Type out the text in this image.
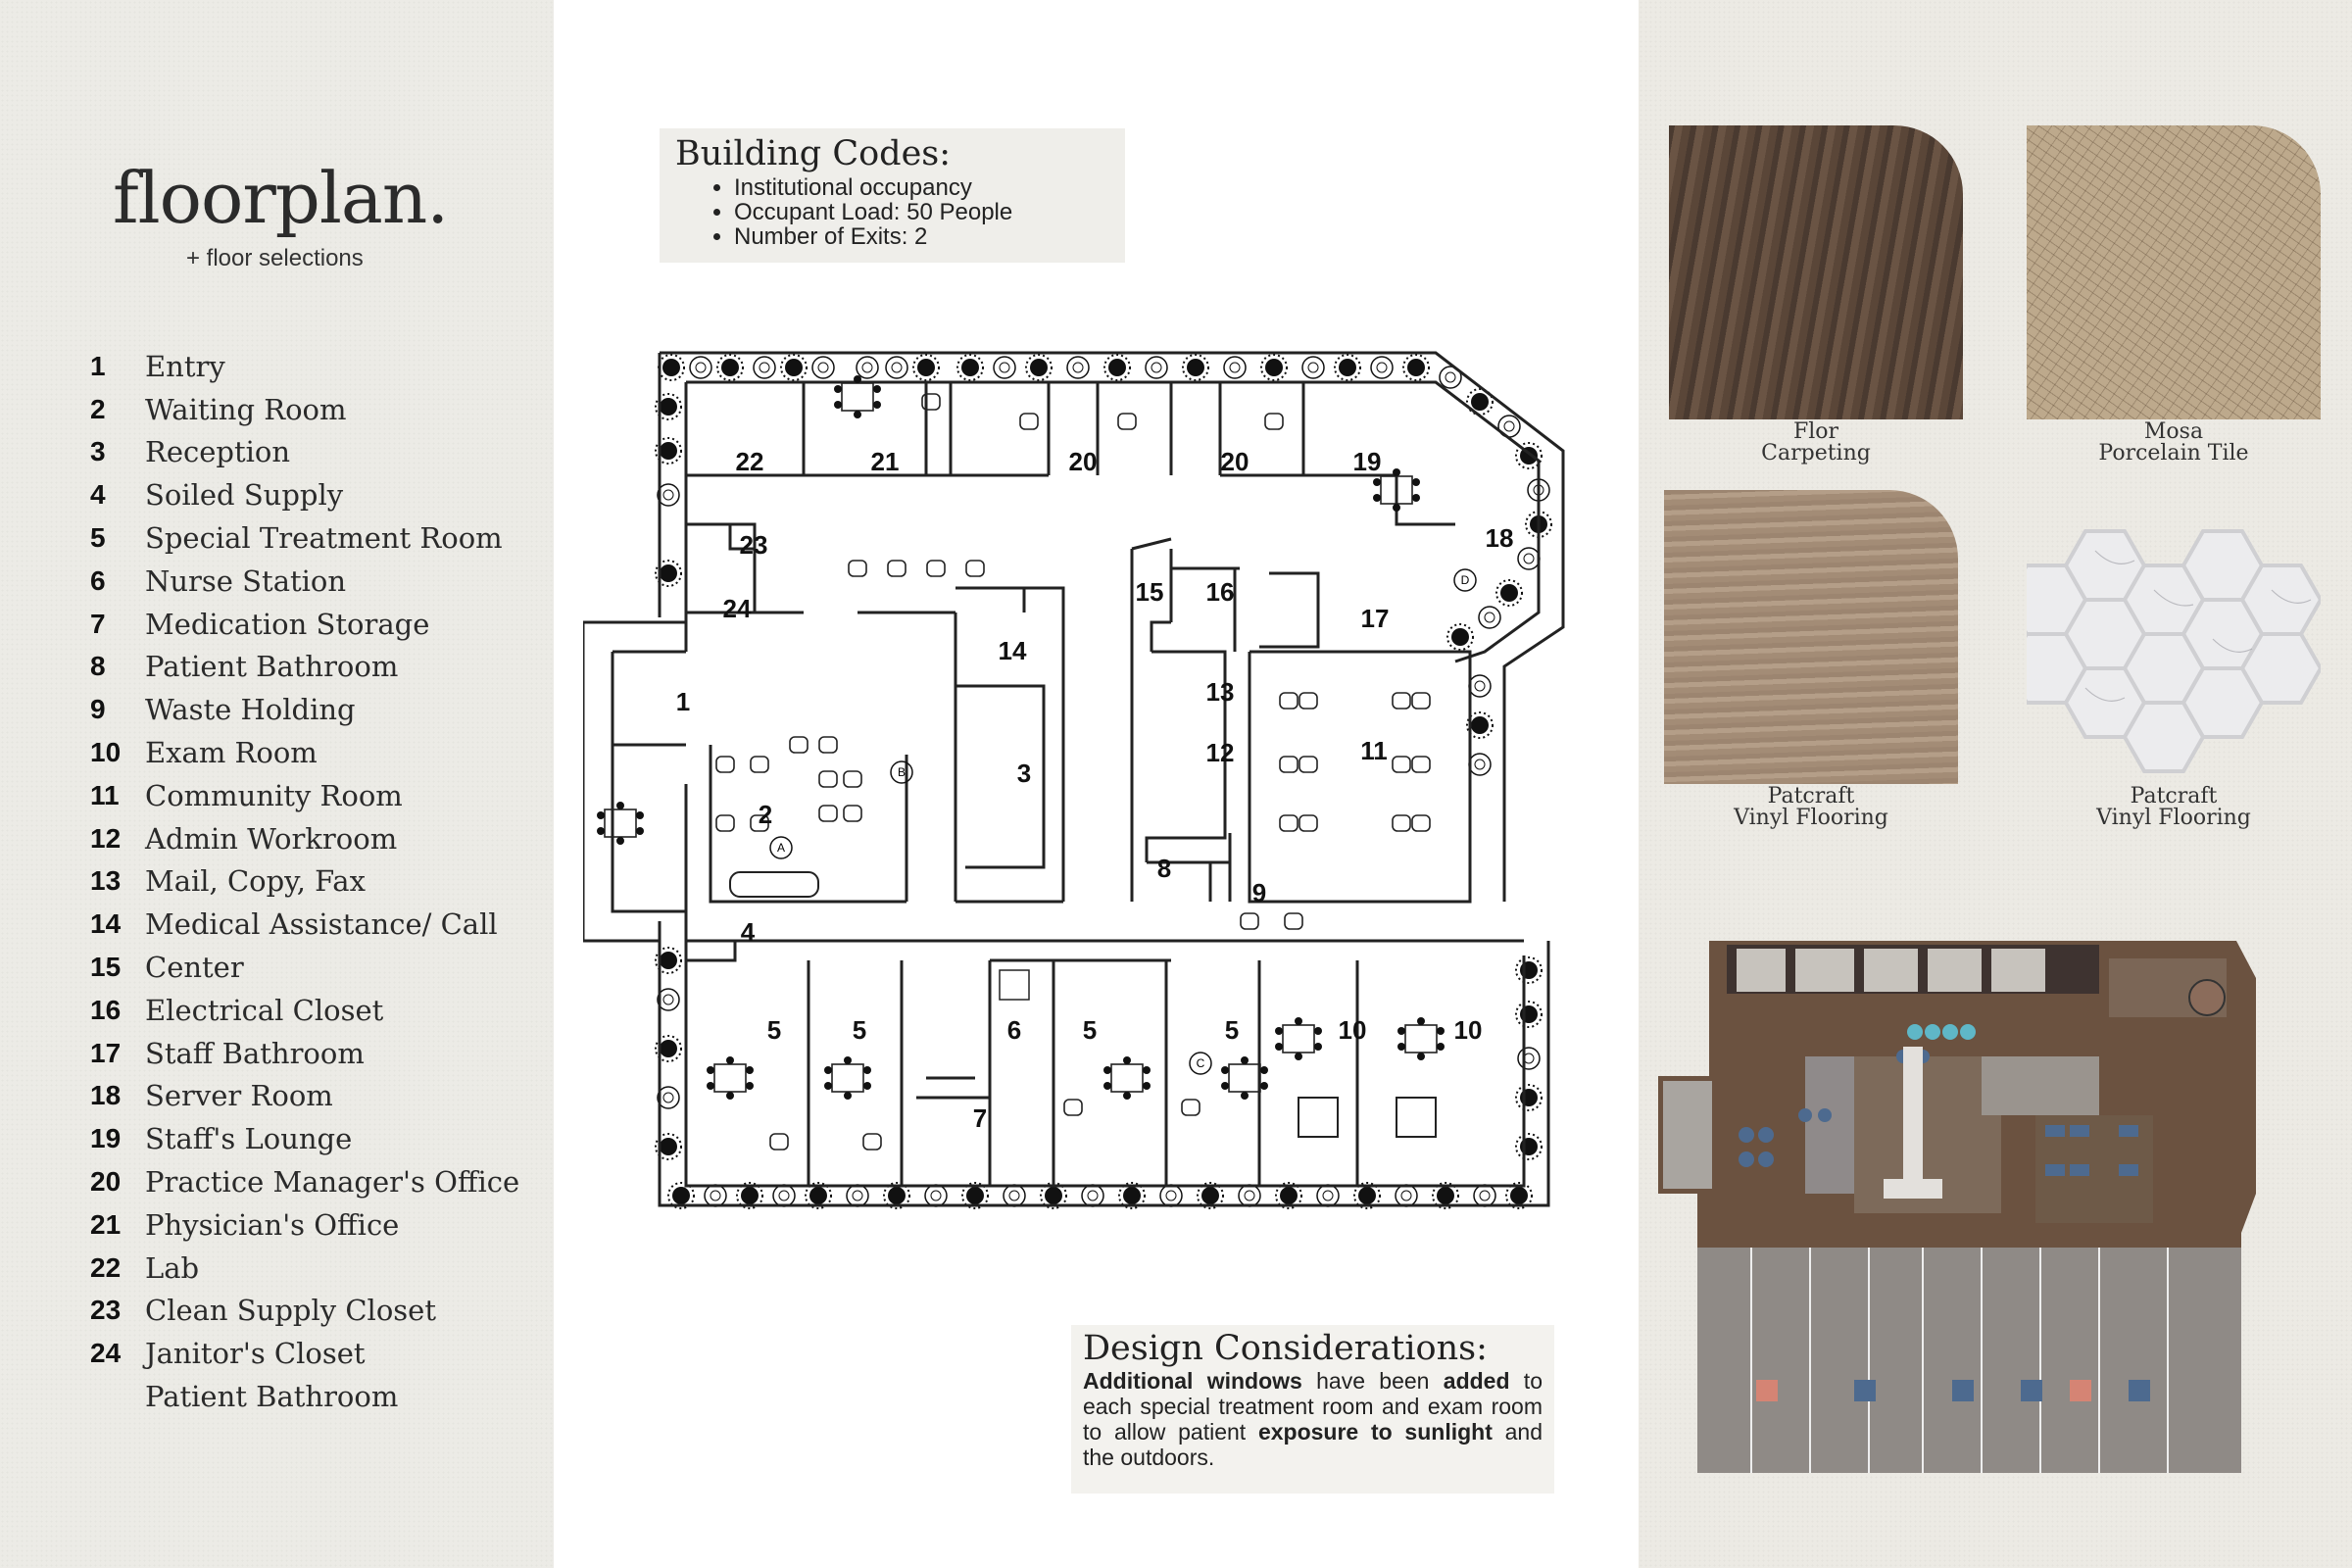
floorplan.
+ floor selections
1	Entry
2	Waiting Room
3	Reception
4	Soiled Supply
5	Special Treatment Room
6	Nurse Station
7	Medication Storage
8	Patient Bathroom
9	Waste Holding
10 Exam Room
11 Community Room
12 Admin Workroom
13 Mail, Copy, Fax
14 Medical Assistance/ Call
15 Center
16 Electrical Closet
17 Staff Bathroom
18 Server Room
19 Staff's Lounge
20 Practice Manager's Office
21 Physician's Office
22 Lab
23 Clean Supply Closet
24 Janitor's Closet
Patient Bathroom
Building Codes:
• Institutional occupancy
• Occupant Load: 50 People
• Number of Exits: 2
1
2
3
4
5	5	6 5	5
7
8
9
10	10
11
12
13
14
15 16
17
18
19
20	20
21
22
23
24
B
A
C
D
Design Considerations:

Additional windows have been added to each special treatment room and exam room to allow patient exposure to sunlight and the outdoors.

Flor
Carpeting
Mosa
Porcelain Tile
Patcraft
Vinyl Flooring
Patcraft
Vinyl Flooring
